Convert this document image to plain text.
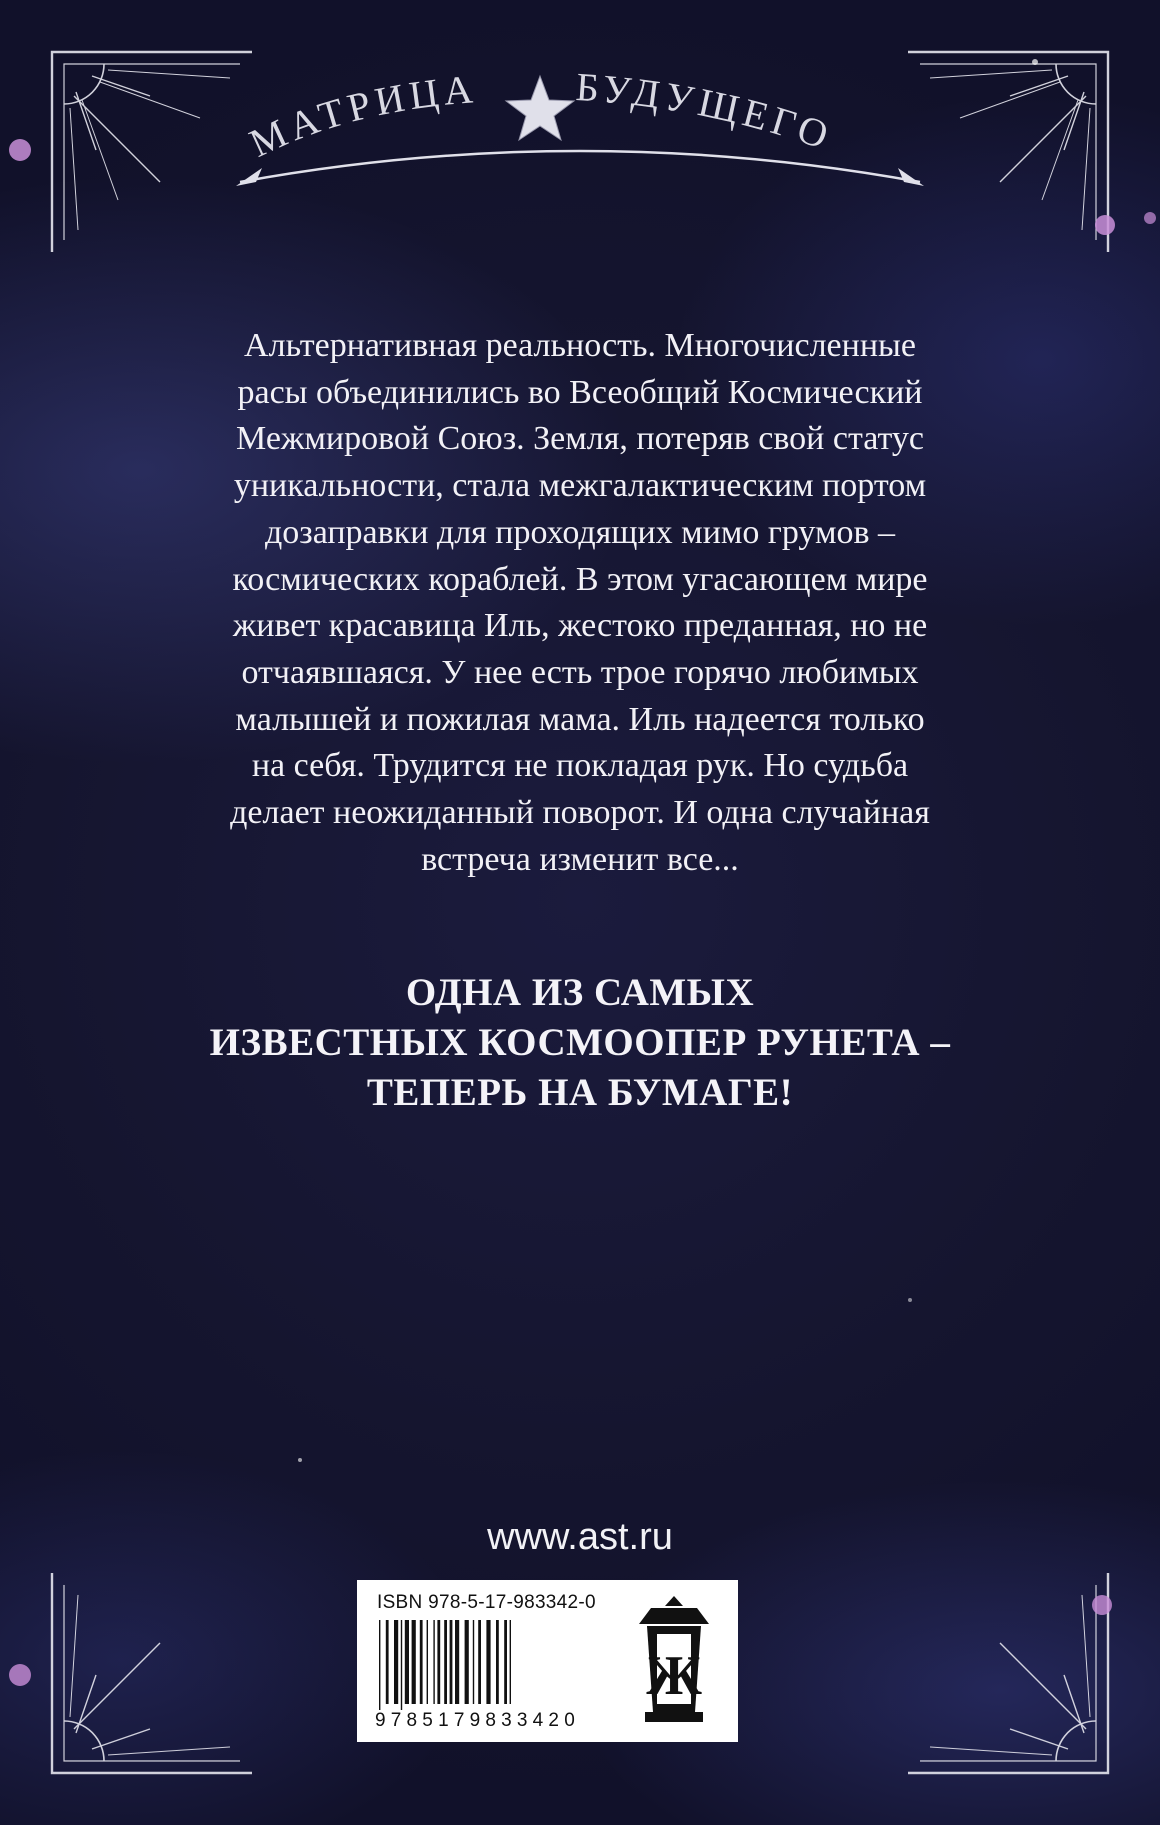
МАТРИЦА БУДУЩЕГО

Альтернативная реальность. Многочисленные
расы объединились во Всеобщий Космический
Межмировой Союз. Земля, потеряв свой статус
уникальности, стала межгалактическим портом
дозаправки для проходящих мимо грумов –
космических кораблей. В этом угасающем мире
живет красавица Иль, жестоко преданная, но не
отчаявшаяся. У нее есть трое горячо любимых
малышей и пожилая мама. Иль надеется только
на себя. Трудится не покладая рук. Но судьба
делает неожиданный поворот. И одна случайная
встреча изменит все...

ОДНА ИЗ САМЫХ
ИЗВЕСТНЫХ КОСМООПЕР РУНЕТА –
ТЕПЕРЬ НА БУМАГЕ!

www.ast.ru
ISBN 978-5-17-983342-0
9785179833420
Ж
